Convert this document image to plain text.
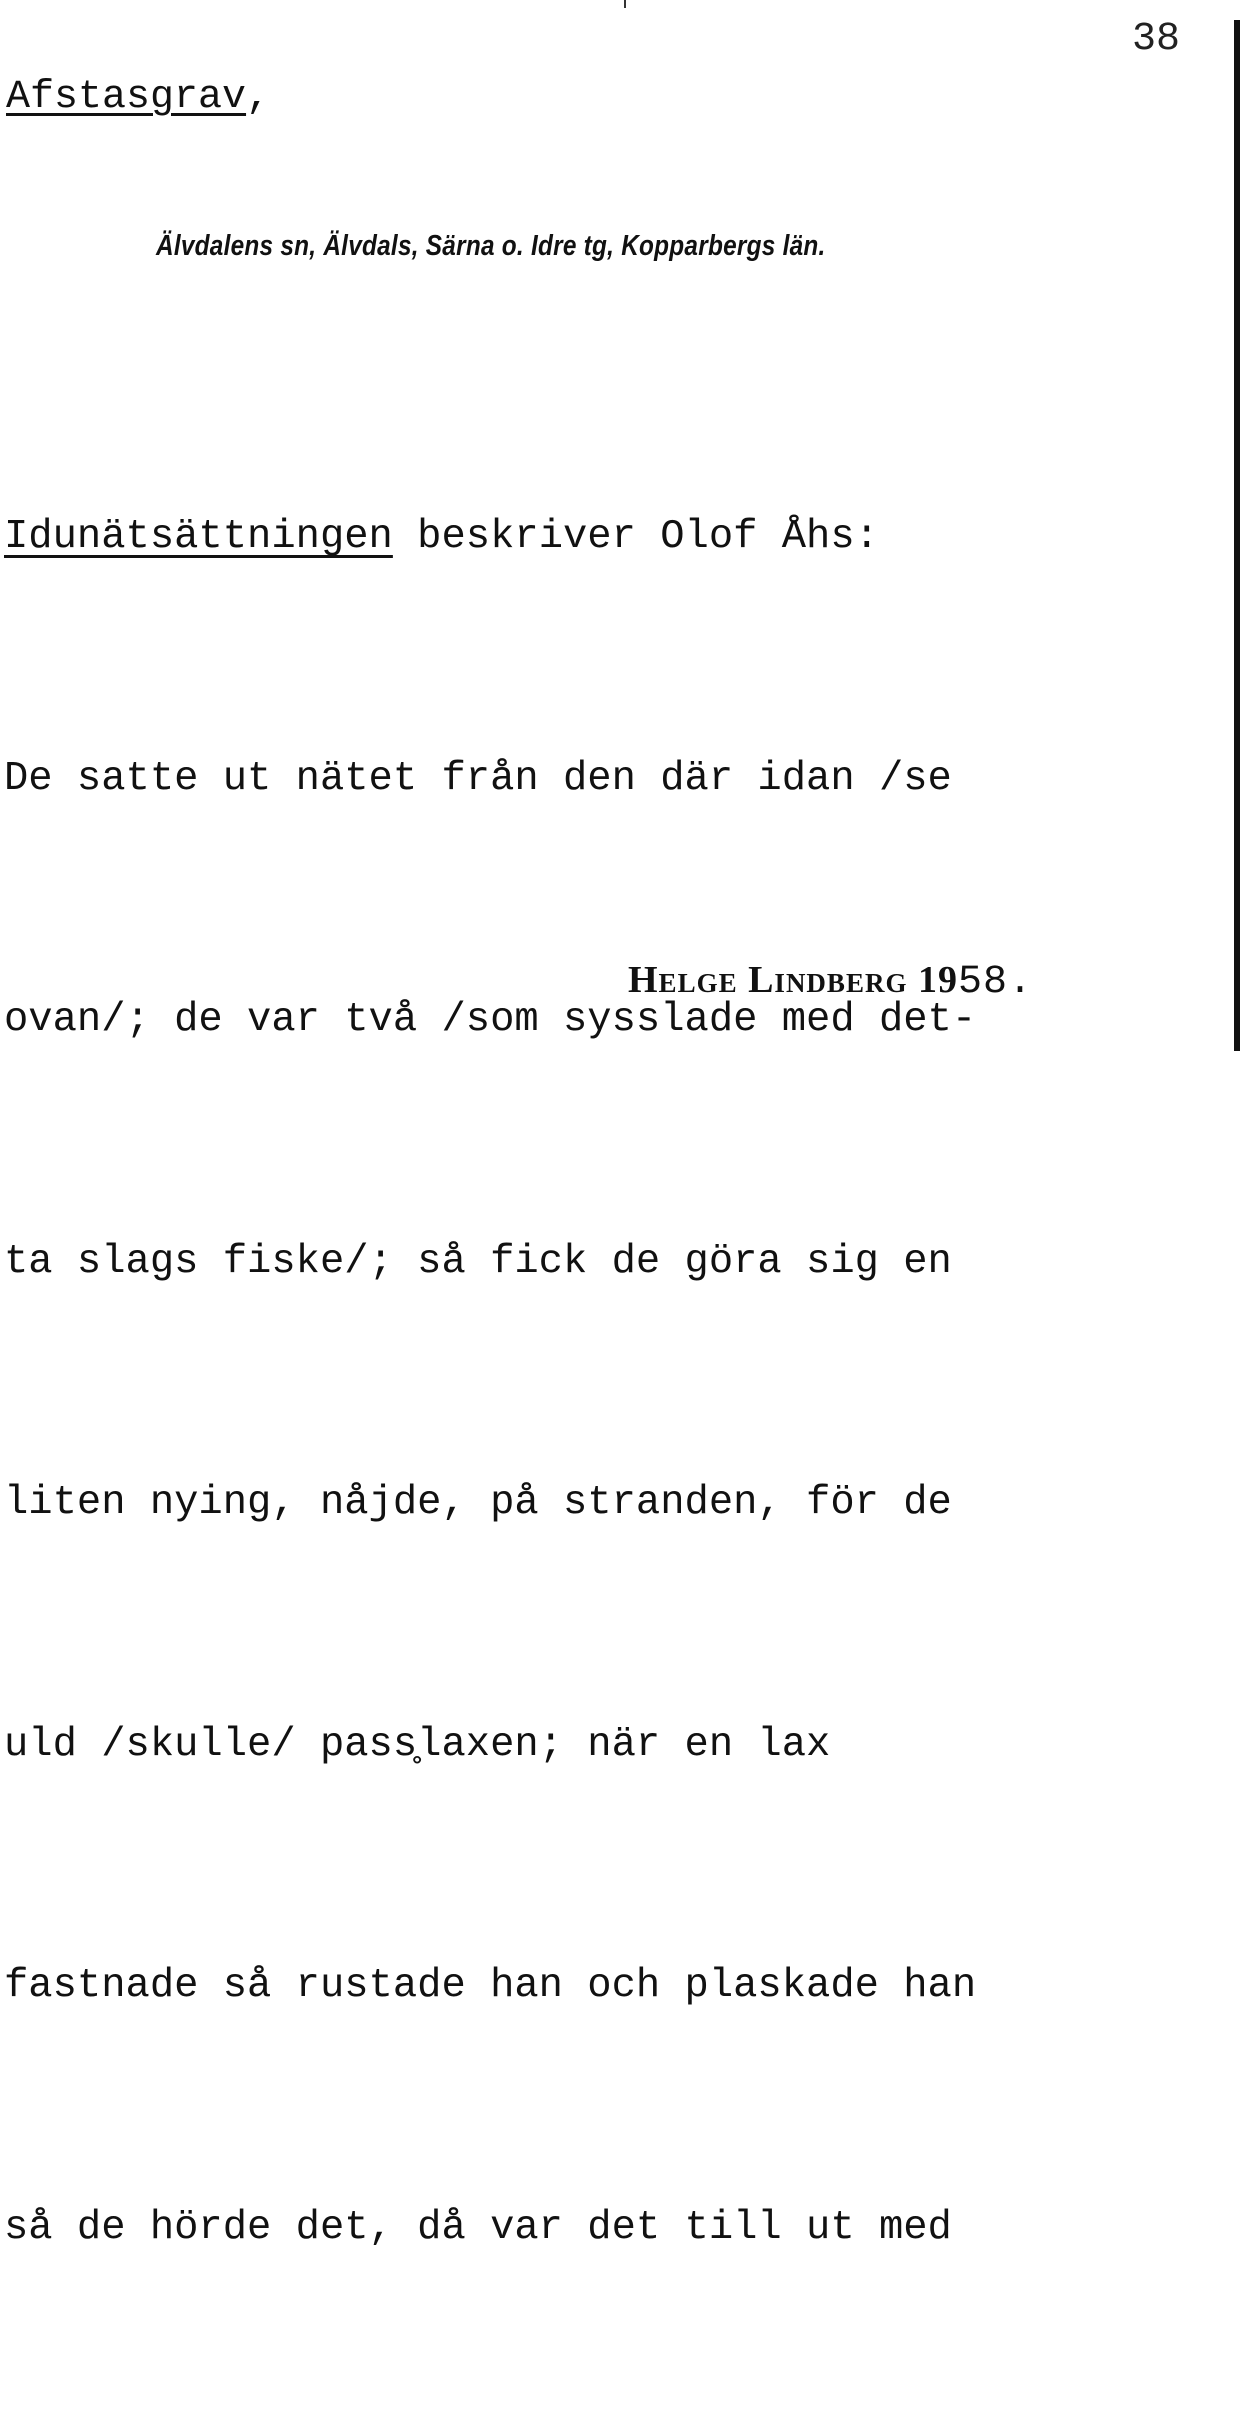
38
Afstasgrav,
Älvdalens sn, Älvdals, Särna o. Idre tg, Kopparbergs län.

Idunätsättningen beskriver Olof Åhs:

De satte ut nätet från den där idan /se

ovan/; de var två /som sysslade med det-

ta slags fiske/; så fick de göra sig en

liten nying, nåjde, på stranden, för de

uld /skulle/ pass̥laxen; när en lax

fastnade så rustade han och plaskade han

så de hörde det, då var det till ut med

Helge Lindberg 1958.
